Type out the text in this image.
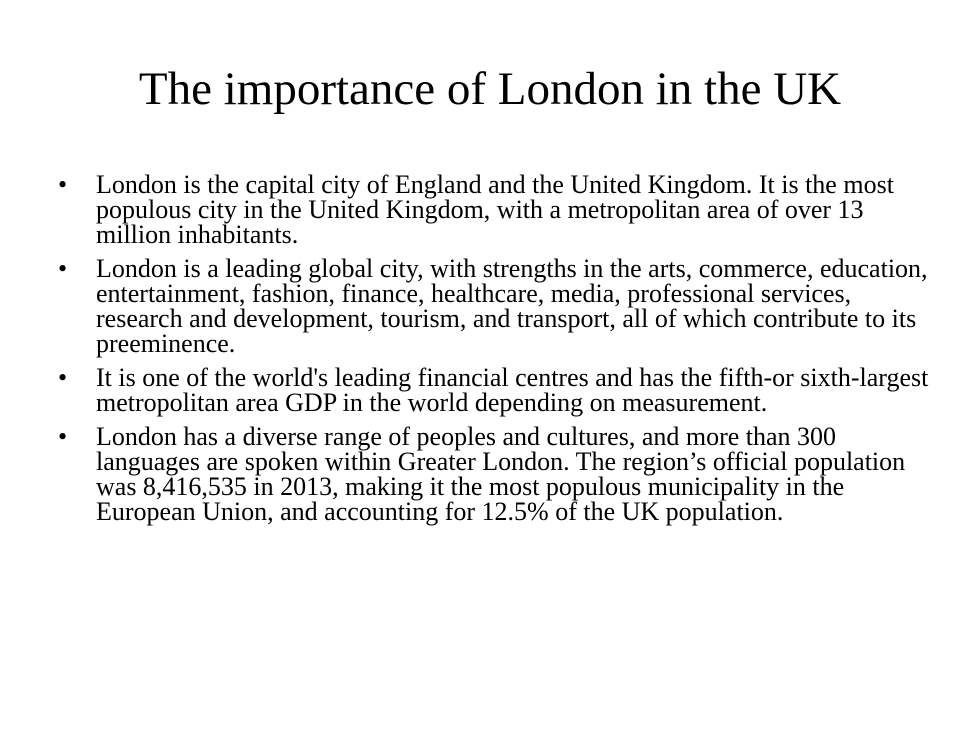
The importance of London in the UK
•	London is the capital city of England and the United Kingdom. It is the most populous city in the United Kingdom, with a metropolitan area of over 13 million inhabitants.
•	London is a leading global city, with strengths in the arts, commerce, education, entertainment, fashion, finance, healthcare, media, professional services, research and development, tourism, and transport, all of which contribute to its preeminence.
•	It is one of the world's leading financial centres and has the fifth-or sixth-largest metropolitan area GDP in the world depending on measurement.
•	London has a diverse range of peoples and cultures, and more than 300 languages are spoken within Greater London. The region’s official population was 8,416,535 in 2013, making it the most populous municipality in the European Union, and accounting for 12.5% of the UK population.
